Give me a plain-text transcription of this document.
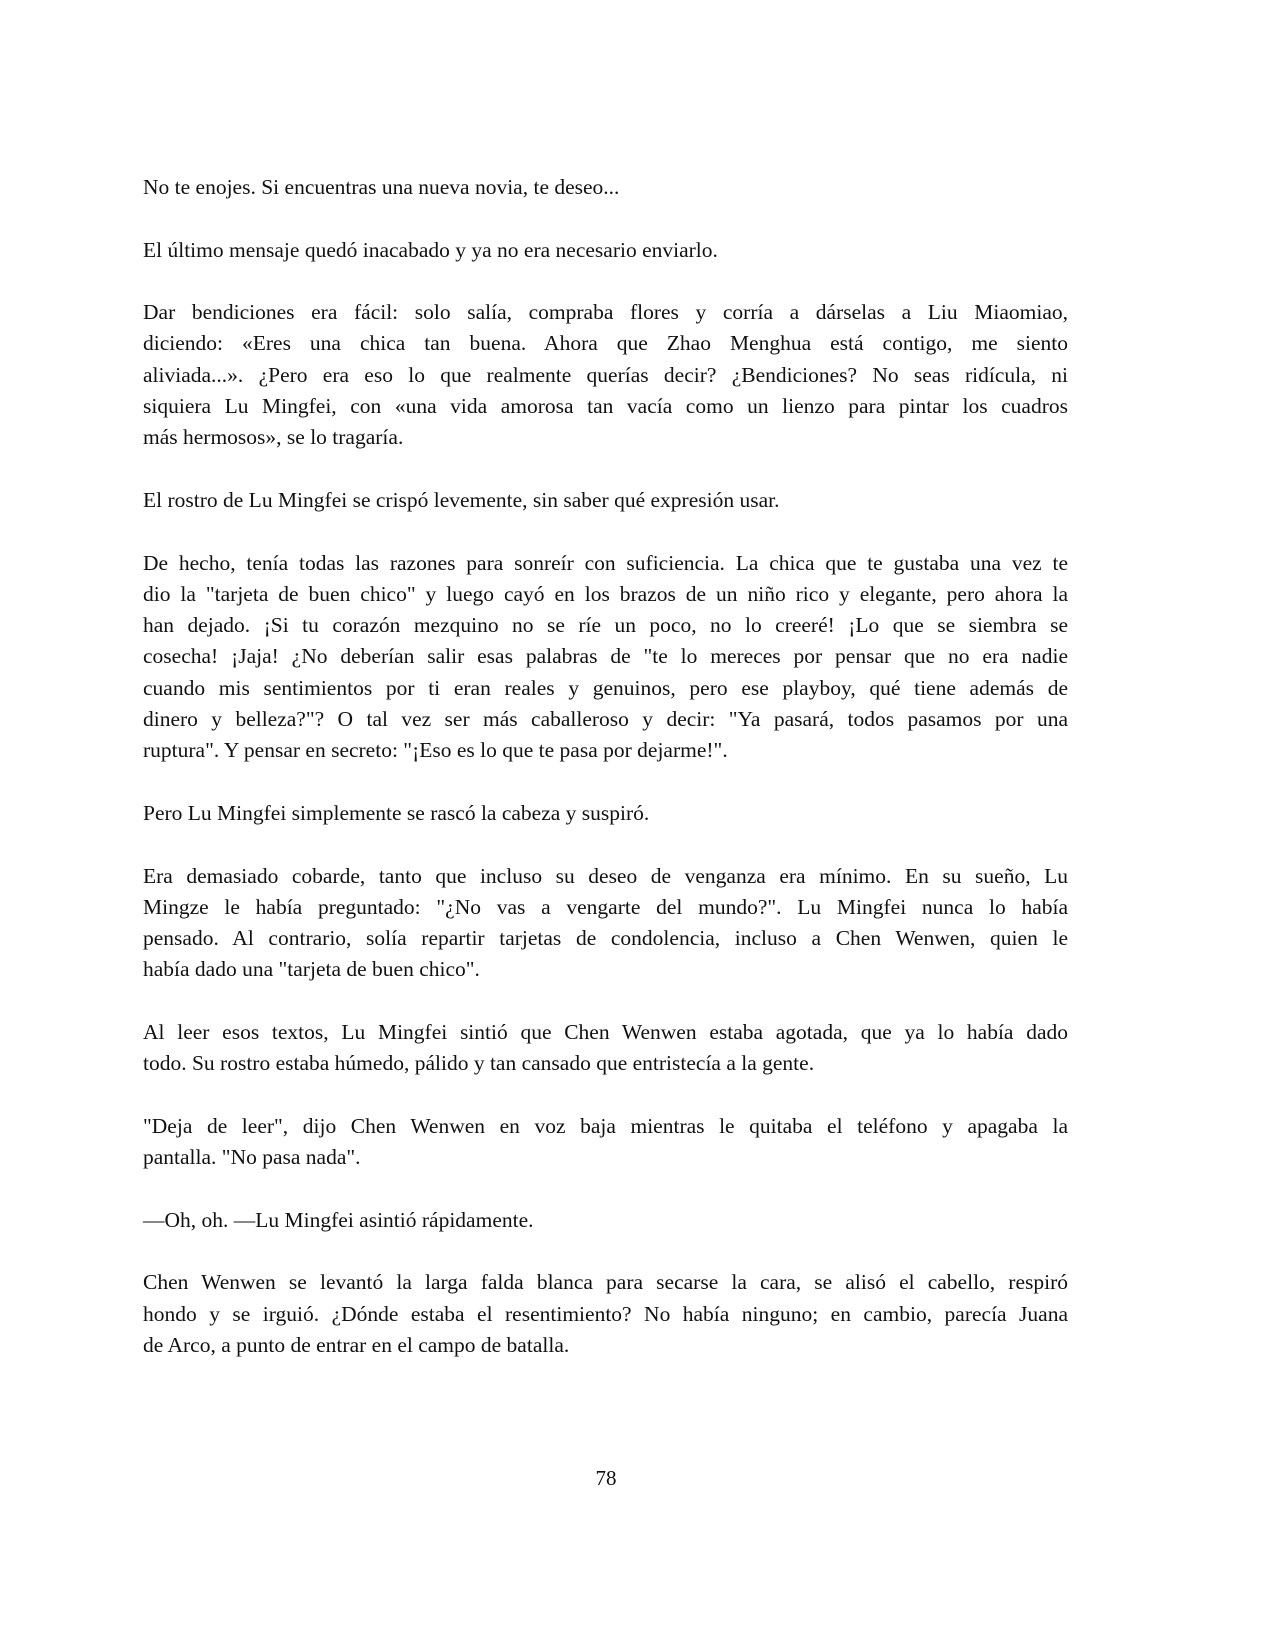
No te enojes. Si encuentras una nueva novia, te deseo...
El último mensaje quedó inacabado y ya no era necesario enviarlo.
Dar bendiciones era fácil: solo salía, compraba flores y corría a dárselas a Liu Miaomiao,
diciendo: «Eres una chica tan buena. Ahora que Zhao Menghua está contigo, me siento
aliviada...». ¿Pero era eso lo que realmente querías decir? ¿Bendiciones? No seas ridícula, ni
siquiera Lu Mingfei, con «una vida amorosa tan vacía como un lienzo para pintar los cuadros
más hermosos», se lo tragaría.
El rostro de Lu Mingfei se crispó levemente, sin saber qué expresión usar.
De hecho, tenía todas las razones para sonreír con suficiencia. La chica que te gustaba una vez te
dio la "tarjeta de buen chico" y luego cayó en los brazos de un niño rico y elegante, pero ahora la
han dejado. ¡Si tu corazón mezquino no se ríe un poco, no lo creeré! ¡Lo que se siembra se
cosecha! ¡Jaja! ¿No deberían salir esas palabras de "te lo mereces por pensar que no era nadie
cuando mis sentimientos por ti eran reales y genuinos, pero ese playboy, qué tiene además de
dinero y belleza?"? O tal vez ser más caballeroso y decir: "Ya pasará, todos pasamos por una
ruptura". Y pensar en secreto: "¡Eso es lo que te pasa por dejarme!".
Pero Lu Mingfei simplemente se rascó la cabeza y suspiró.
Era demasiado cobarde, tanto que incluso su deseo de venganza era mínimo. En su sueño, Lu
Mingze le había preguntado: "¿No vas a vengarte del mundo?". Lu Mingfei nunca lo había
pensado. Al contrario, solía repartir tarjetas de condolencia, incluso a Chen Wenwen, quien le
había dado una "tarjeta de buen chico".
Al leer esos textos, Lu Mingfei sintió que Chen Wenwen estaba agotada, que ya lo había dado
todo. Su rostro estaba húmedo, pálido y tan cansado que entristecía a la gente.
"Deja de leer", dijo Chen Wenwen en voz baja mientras le quitaba el teléfono y apagaba la
pantalla. "No pasa nada".
—Oh, oh. —Lu Mingfei asintió rápidamente.
Chen Wenwen se levantó la larga falda blanca para secarse la cara, se alisó el cabello, respiró
hondo y se irguió. ¿Dónde estaba el resentimiento? No había ninguno; en cambio, parecía Juana
de Arco, a punto de entrar en el campo de batalla.
78
